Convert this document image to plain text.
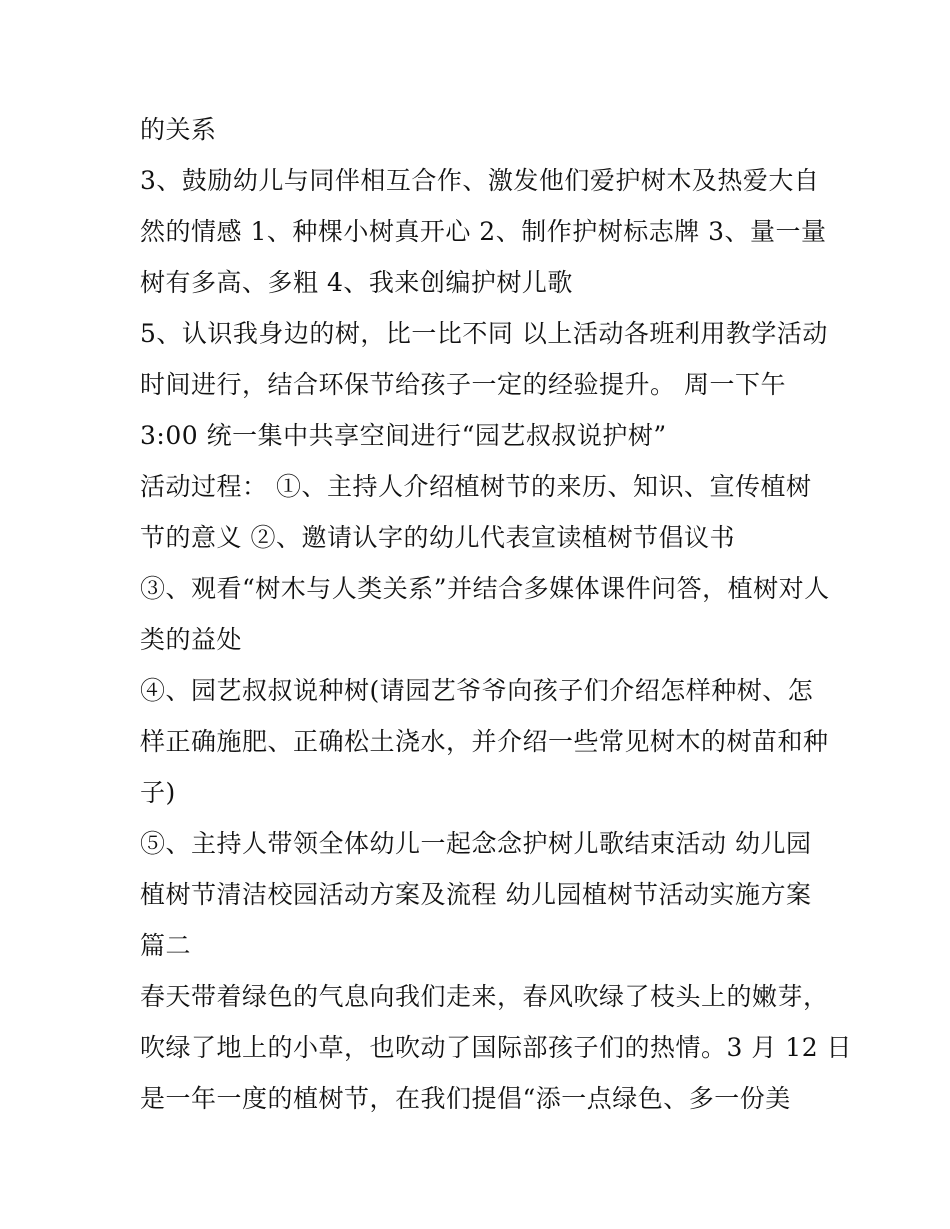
的关系
3、鼓励幼儿与同伴相互合作、激发他们爱护树木及热爱大自
然的情感 1、种棵小树真开心 2、制作护树标志牌 3、量一量
树有多高、多粗 4、我来创编护树儿歌
5、认识我身边的树，比一比不同 以上活动各班利用教学活动
时间进行，结合环保节给孩子一定的经验提升。 周一下午
3:00 统一集中共享空间进行“园艺叔叔说护树”
活动过程： ①、主持人介绍植树节的来历、知识、宣传植树
节的意义 ②、邀请认字的幼儿代表宣读植树节倡议书
③、观看“树木与人类关系”并结合多媒体课件问答，植树对人
类的益处
④、园艺叔叔说种树(请园艺爷爷向孩子们介绍怎样种树、怎
样正确施肥、正确松土浇水，并介绍一些常见树木的树苗和种
子)
⑤、主持人带领全体幼儿一起念念护树儿歌结束活动 幼儿园
植树节清洁校园活动方案及流程 幼儿园植树节活动实施方案
篇二
春天带着绿色的气息向我们走来，春风吹绿了枝头上的嫩芽，
吹绿了地上的小草，也吹动了国际部孩子们的热情。3 月 12 日
是一年一度的植树节，在我们提倡“添一点绿色、多一份美
